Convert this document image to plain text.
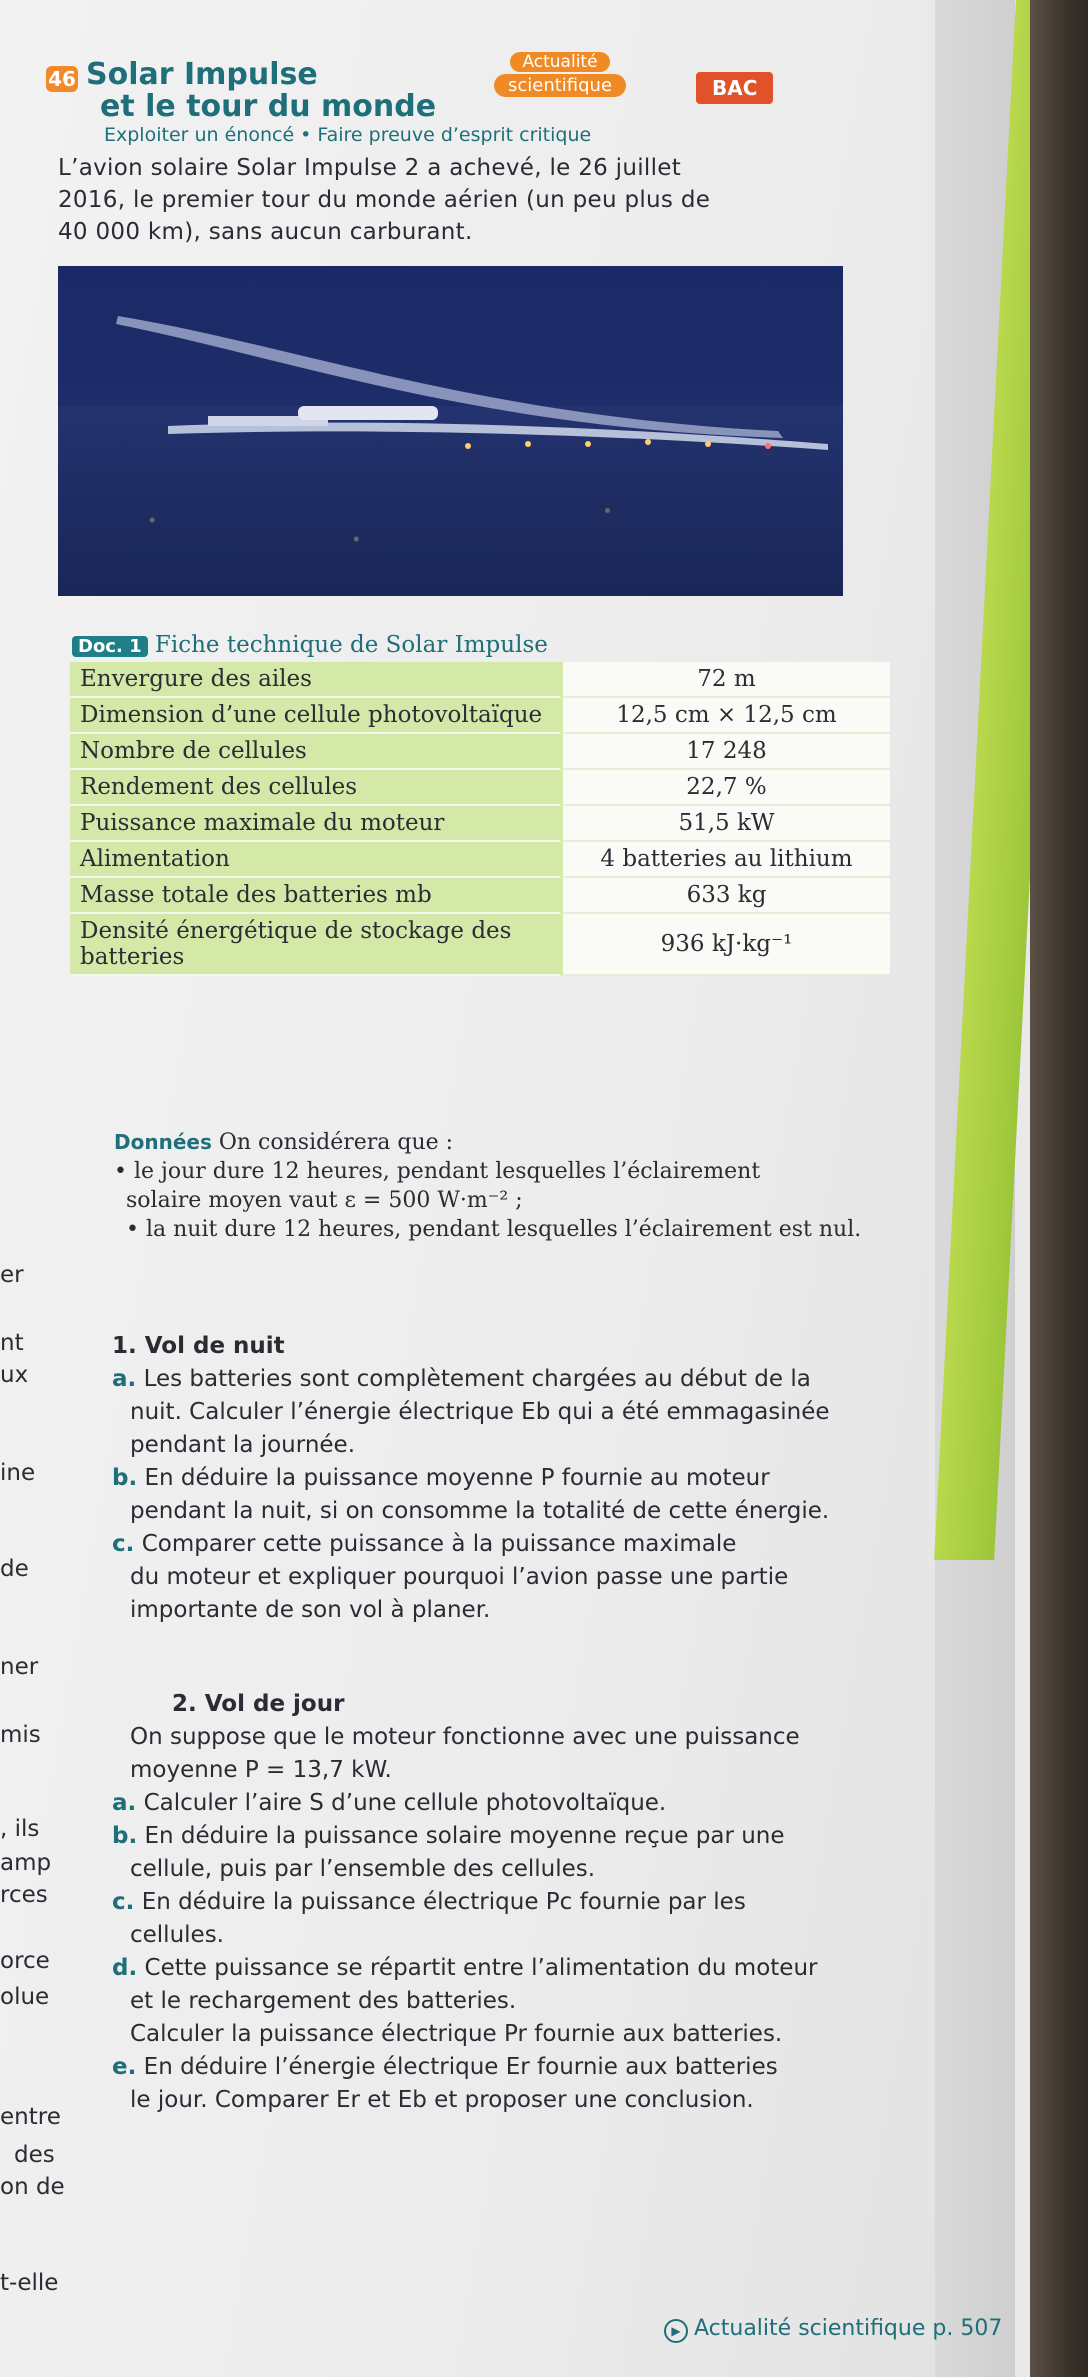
46 Solar Impulse
et le tour du monde
Actualité
scientifique	BAC
Exploiter un énoncé • Faire preuve d’esprit critique
L’avion solaire Solar Impulse 2 a achevé, le 26 juillet
2016, le premier tour du monde aérien (un peu plus de
40 000 km), sans aucun carburant.
Doc. 1 Fiche technique de Solar Impulse
Envergure des ailes	72 m
Dimension d’une cellule photovoltaïque	12,5 cm × 12,5 cm
Nombre de cellules	17 248
Rendement des cellules	22,7 %
Puissance maximale du moteur	51,5 kW
Alimentation	4 batteries au lithium
Masse totale des batteries mb	633 kg
Densité énergétique de stockage des batteries	936 kJ·kg⁻¹
Données On considérera que :
• le jour dure 12 heures, pendant lesquelles l’éclairement
solaire moyen vaut ε = 500 W·m⁻² ;
• la nuit dure 12 heures, pendant lesquelles l’éclairement est nul.
1. Vol de nuit
a. Les batteries sont complètement chargées au début de la
nuit. Calculer l’énergie électrique Eb qui a été emmagasinée
pendant la journée.
b. En déduire la puissance moyenne P fournie au moteur
pendant la nuit, si on consomme la totalité de cette énergie.
c. Comparer cette puissance à la puissance maximale
du moteur et expliquer pourquoi l’avion passe une partie
importante de son vol à planer.
2. Vol de jour
On suppose que le moteur fonctionne avec une puissance
moyenne P = 13,7 kW.
a. Calculer l’aire S d’une cellule photovoltaïque.
b. En déduire la puissance solaire moyenne reçue par une
cellule, puis par l’ensemble des cellules.
c. En déduire la puissance électrique Pc fournie par les
cellules.
d. Cette puissance se répartit entre l’alimentation du moteur
et le rechargement des batteries.
Calculer la puissance électrique Pr fournie aux batteries.
e. En déduire l’énergie électrique Er fournie aux batteries
le jour. Comparer Er et Eb et proposer une conclusion.
er
nt
ux
ine
de
ner
mis
, ils
amp
rces
orce
olue
entre
des
on de
t-elle
▶ Actualité scientifique p. 507
